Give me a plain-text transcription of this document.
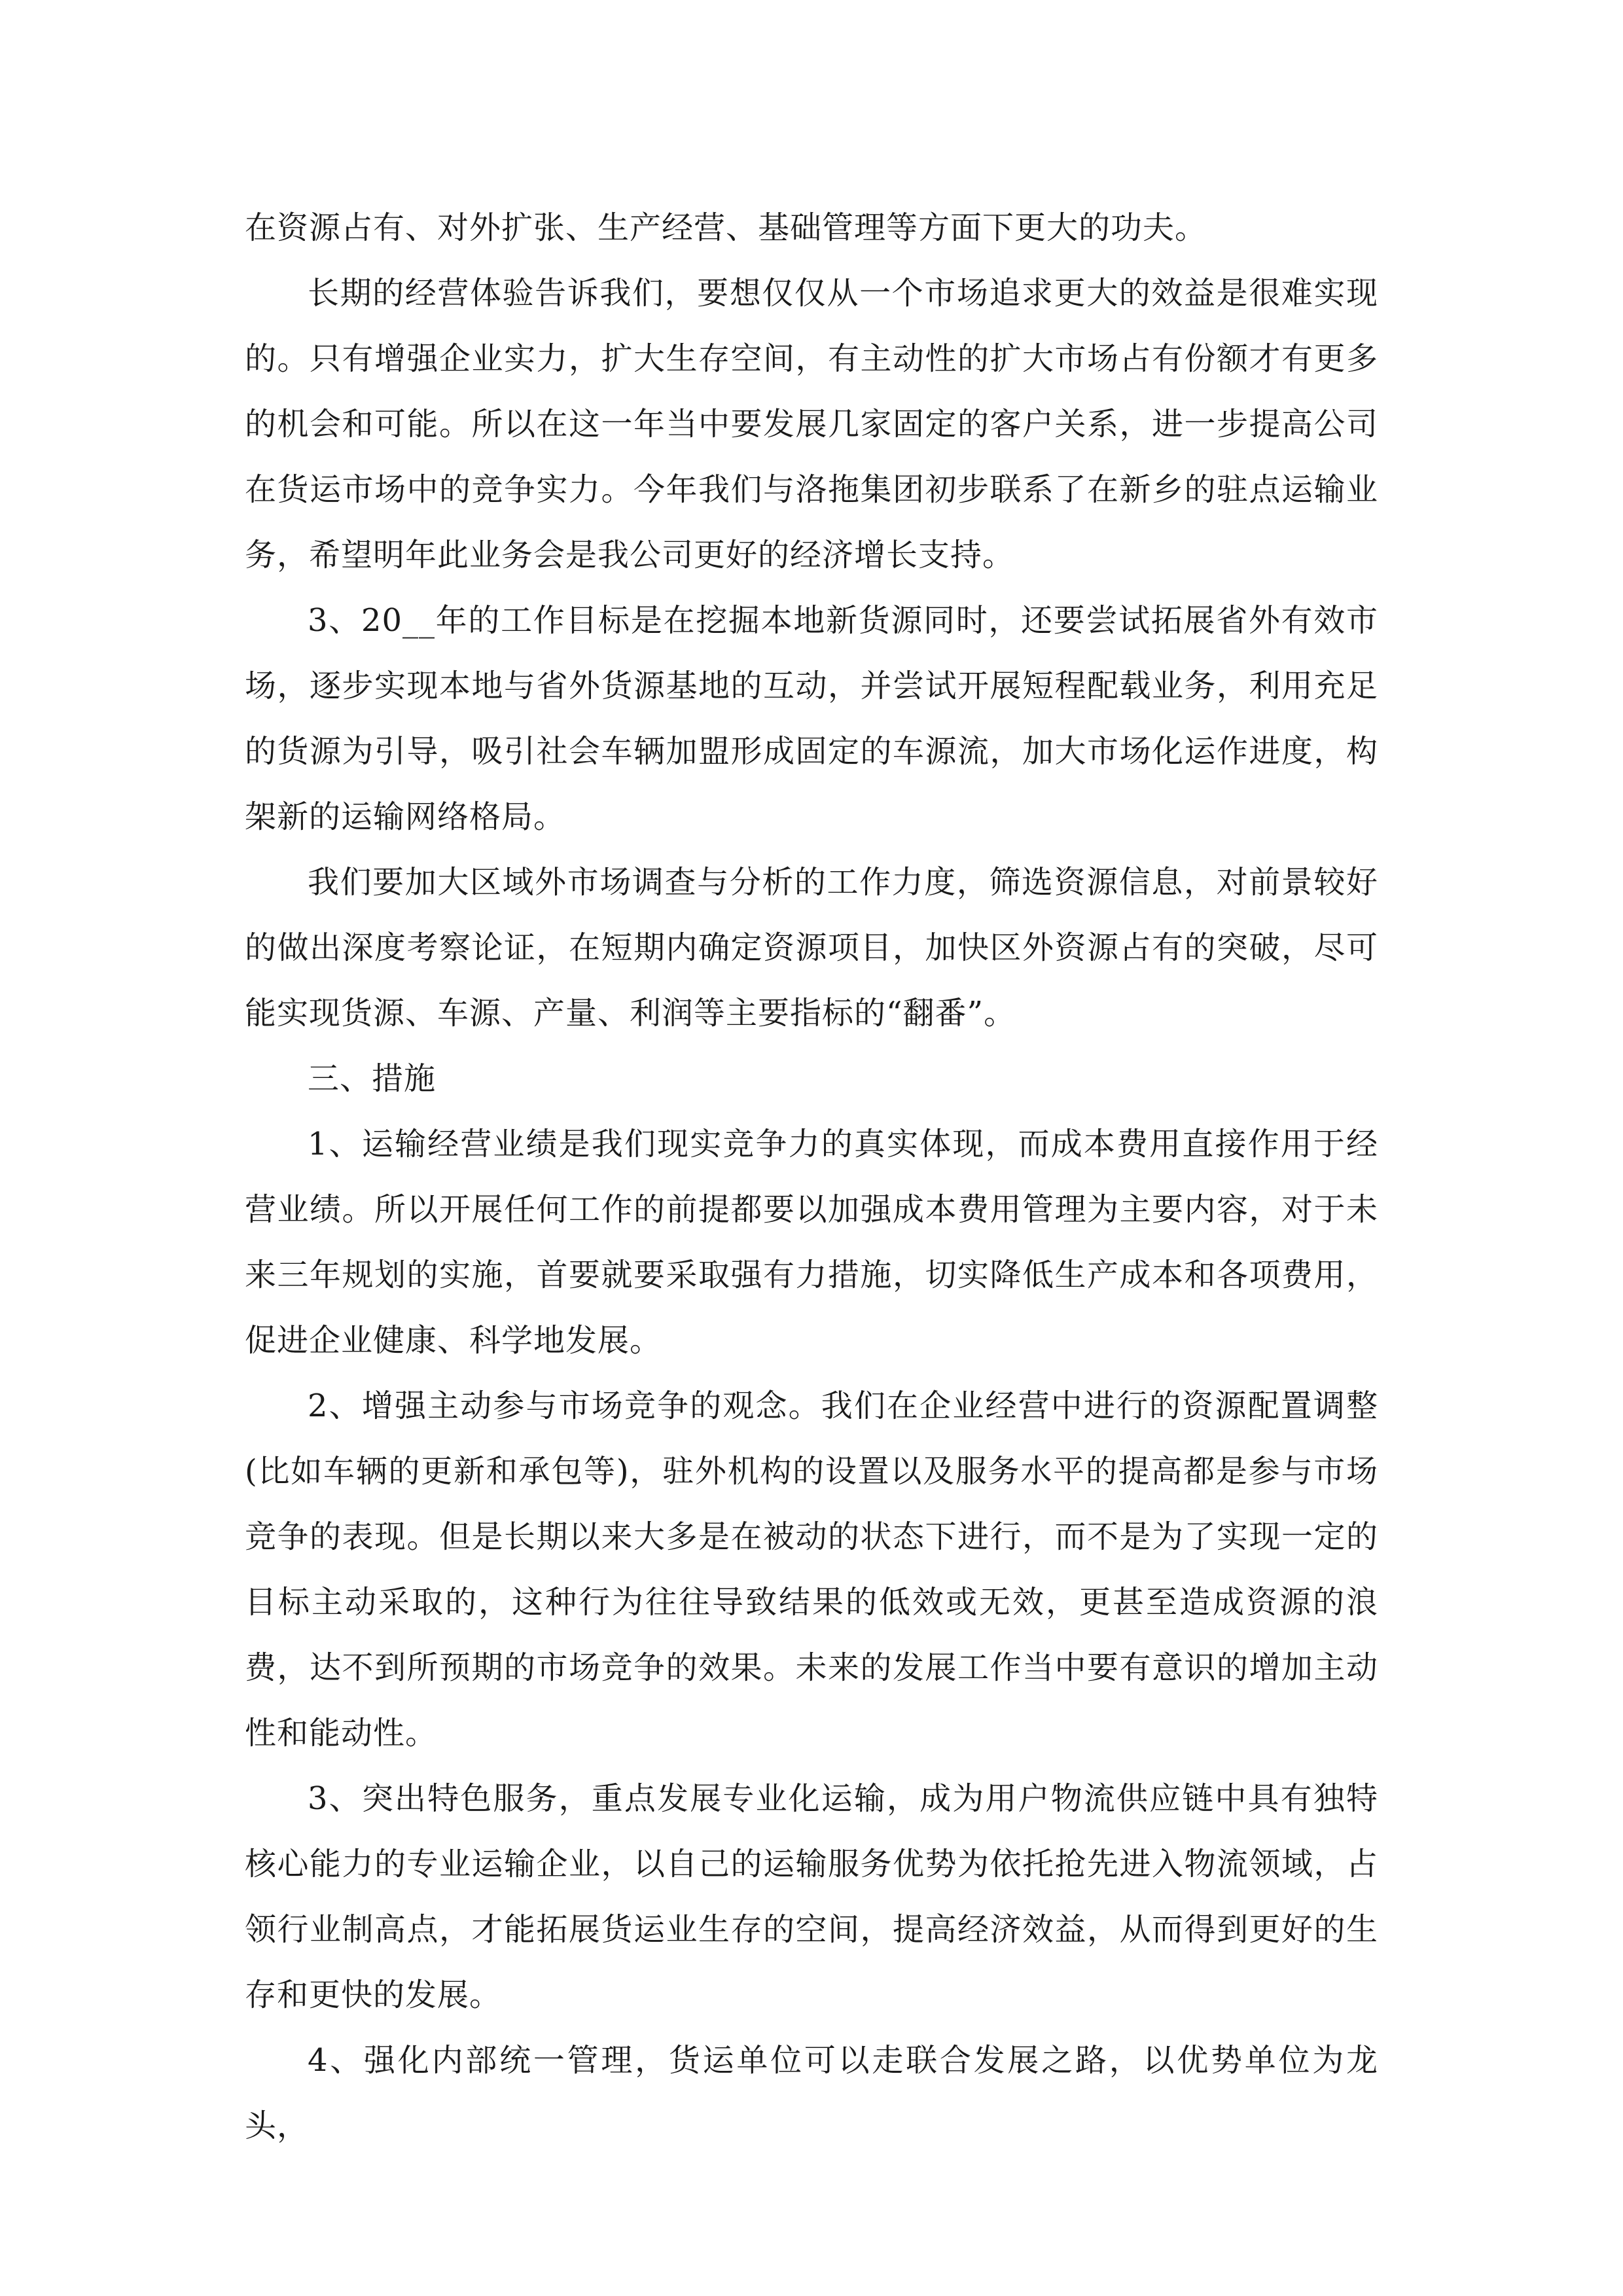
在资源占有、对外扩张、生产经营、基础管理等方面下更大的功夫。

长期的经营体验告诉我们，要想仅仅从一个市场追求更大的效益是很难实现的。只有增强企业实力，扩大生存空间，有主动性的扩大市场占有份额才有更多的机会和可能。所以在这一年当中要发展几家固定的客户关系，进一步提高公司在货运市场中的竞争实力。今年我们与洛拖集团初步联系了在新乡的驻点运输业务，希望明年此业务会是我公司更好的经济增长支持。

3、20__年的工作目标是在挖掘本地新货源同时，还要尝试拓展省外有效市场，逐步实现本地与省外货源基地的互动，并尝试开展短程配载业务，利用充足的货源为引导，吸引社会车辆加盟形成固定的车源流，加大市场化运作进度，构架新的运输网络格局。

我们要加大区域外市场调查与分析的工作力度，筛选资源信息，对前景较好的做出深度考察论证，在短期内确定资源项目，加快区外资源占有的突破，尽可能实现货源、车源、产量、利润等主要指标的“翻番”。

三、措施

1、运输经营业绩是我们现实竞争力的真实体现，而成本费用直接作用于经营业绩。所以开展任何工作的前提都要以加强成本费用管理为主要内容，对于未来三年规划的实施，首要就要采取强有力措施，切实降低生产成本和各项费用，促进企业健康、科学地发展。

2、增强主动参与市场竞争的观念。我们在企业经营中进行的资源配置调整(比如车辆的更新和承包等)，驻外机构的设置以及服务水平的提高都是参与市场竞争的表现。但是长期以来大多是在被动的状态下进行，而不是为了实现一定的目标主动采取的，这种行为往往导致结果的低效或无效，更甚至造成资源的浪费，达不到所预期的市场竞争的效果。未来的发展工作当中要有意识的增加主动性和能动性。

3、突出特色服务，重点发展专业化运输，成为用户物流供应链中具有独特核心能力的专业运输企业，以自己的运输服务优势为依托抢先进入物流领域，占领行业制高点，才能拓展货运业生存的空间，提高经济效益，从而得到更好的生存和更快的发展。

4、强化内部统一管理，货运单位可以走联合发展之路，以优势单位为龙头，
